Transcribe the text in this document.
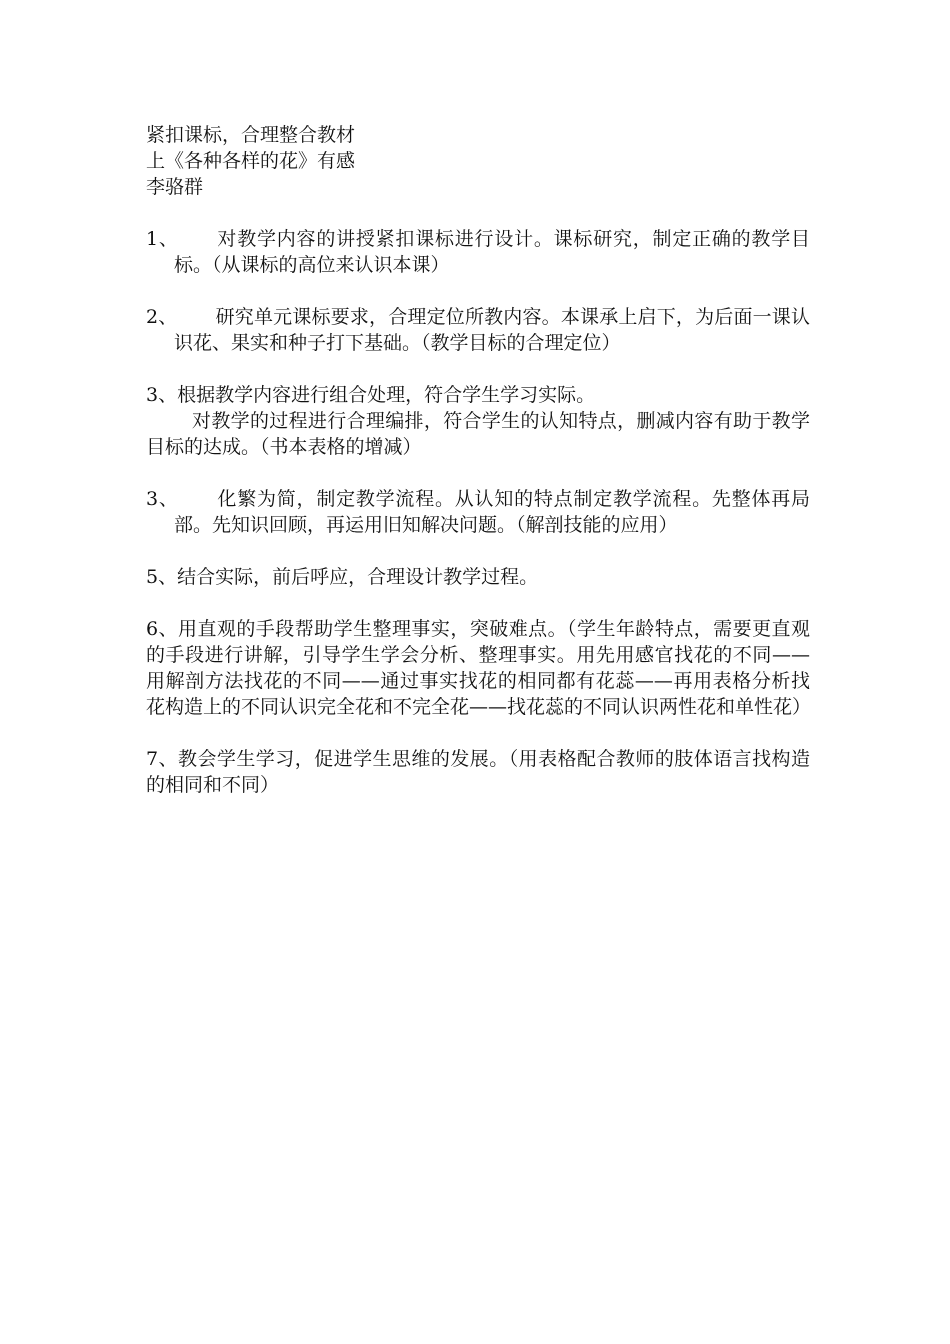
紧扣课标，合理整合教材
上《各种各样的花》有感
李骆群

1、 对教学内容的讲授紧扣课标进行设计。课标研究，制定正确的教学目标。（从课标的高位来认识本课）

2、 研究单元课标要求，合理定位所教内容。本课承上启下，为后面一课认识花、果实和种子打下基础。（教学目标的合理定位）

3、根据教学内容进行组合处理，符合学生学习实际。

对教学的过程进行合理编排，符合学生的认知特点，删减内容有助于教学目标的达成。（书本表格的增减）

3、 化繁为简，制定教学流程。从认知的特点制定教学流程。先整体再局部。先知识回顾，再运用旧知解决问题。（解剖技能的应用）

5、结合实际，前后呼应，合理设计教学过程。

6、用直观的手段帮助学生整理事实，突破难点。（学生年龄特点，需要更直观的手段进行讲解，引导学生学会分析、整理事实。用先用感官找花的不同——用解剖方法找花的不同——通过事实找花的相同都有花蕊——再用表格分析找花构造上的不同认识完全花和不完全花——找花蕊的不同认识两性花和单性花）

7、教会学生学习，促进学生思维的发展。（用表格配合教师的肢体语言找构造的相同和不同）
